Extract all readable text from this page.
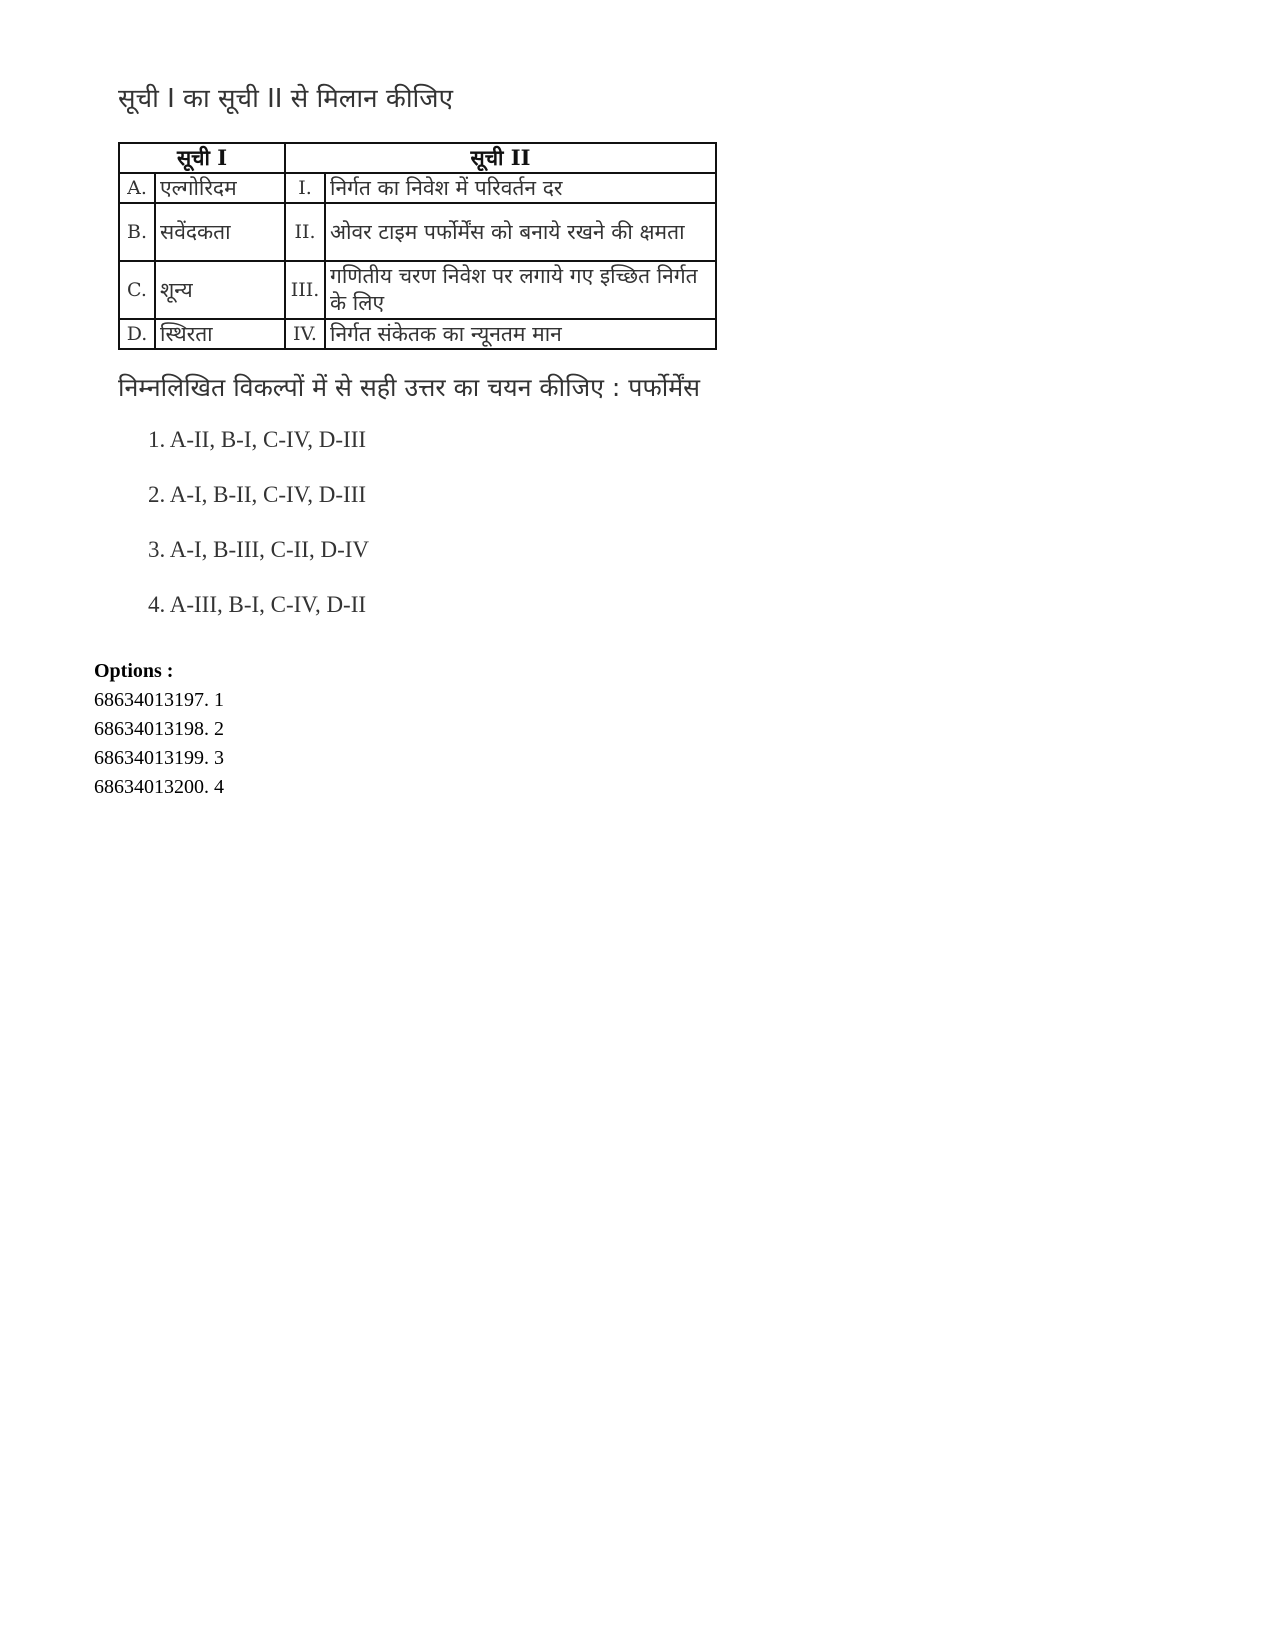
सूची I का सूची II से मिलान कीजिए

सूची I		सूची II	
A.	एल्गोरिदम	I.	निर्गत का निवेश में परिवर्तन दर
B.	सवेंदकता	II.	ओवर टाइम पर्फोर्मेंस को बनाये रखने की क्षमता
C.	शून्य	III.	गणितीय चरण निवेश पर लगाये गए इच्छित निर्गत के लिए
D.	स्थिरता	IV.	निर्गत संकेतक का न्यूनतम मान

निम्नलिखित विकल्पों में से सही उत्तर का चयन कीजिए : पर्फोर्मेंस

1. A-II, B-I, C-IV, D-III
2. A-I, B-II, C-IV, D-III
3. A-I, B-III, C-II, D-IV
4. A-III, B-I, C-IV, D-II
Options :
68634013197. 1
68634013198. 2
68634013199. 3
68634013200. 4
